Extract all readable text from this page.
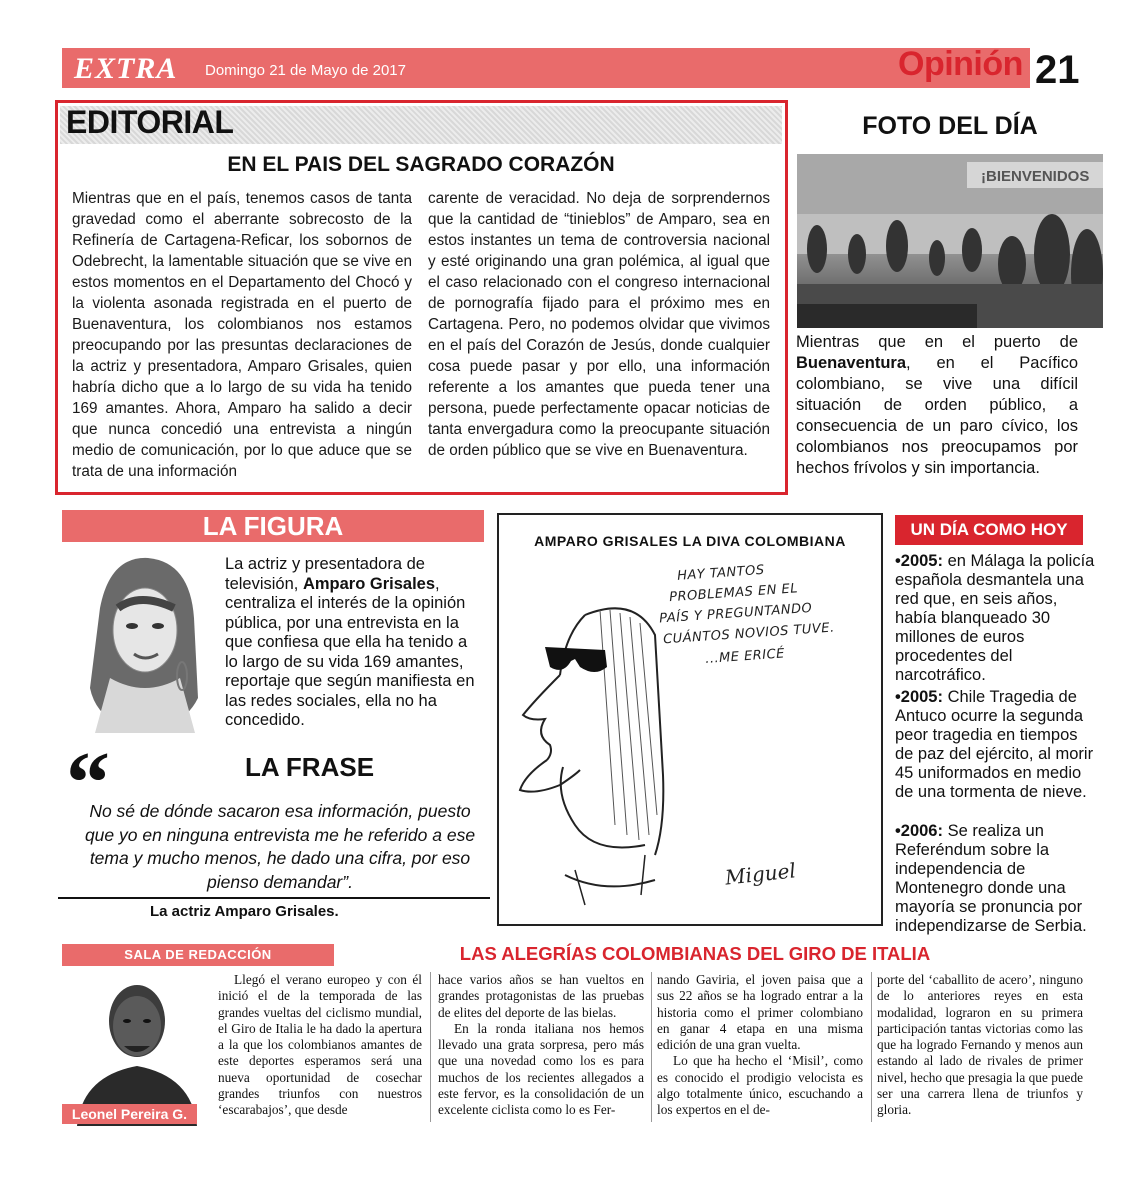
EXTRA Domingo 21 de Mayo de 2017	Opinión 21
EDITORIAL
EN EL PAIS DEL SAGRADO CORAZÓN
Mientras que en el país, tenemos casos de tanta gravedad como el aberrante sobrecosto de la Refinería de Cartagena-Reficar, los sobornos de Odebrecht, la lamentable situación que se vive en estos momentos en el Departamento del Chocó y la violenta asonada registrada en el puerto de Buenaventura, los colombianos nos estamos preocupando por las presuntas declaraciones de la actriz y presentadora, Amparo Grisales, quien habría dicho que a lo largo de su vida ha tenido 169 amantes. Ahora, Amparo ha salido a decir que nunca concedió una entrevista a ningún medio de comunicación, por lo que aduce que se trata de una información
carente de veracidad. No deja de sorprendernos que la cantidad de “tinieblos” de Amparo, sea en estos instantes un tema de controversia nacional y esté originando una gran polémica, al igual que el caso relacionado con el congreso internacional de pornografía fijado para el próximo mes en Cartagena. Pero, no podemos olvidar que vivimos en el país del Corazón de Jesús, donde cualquier cosa puede pasar y por ello, una información referente a los amantes que pueda tener una persona, puede perfectamente opacar noticias de tanta envergadura como la preocupante situación de orden público que se vive en Buenaventura.
FOTO DEL DÍA
¡BIENVENIDOS
Mientras que en el puerto de Buenaventura, en el Pacífico colombiano, se vive una difícil situación de orden público, a consecuencia de un paro cívico, los colombianos nos preocupamos por hechos frívolos y sin importancia.
LA FIGURA
La actriz y presentadora de televisión, Amparo Grisales, centraliza el interés de la opinión pública, por una entrevista en la que confiesa que ella ha tenido a lo largo de su vida 169 amantes, reportaje que según manifiesta en las redes sociales, ella no ha concedido.
“	LA FRASE
No sé de dónde sacaron esa información, puesto que yo en ninguna entrevista me he referido a ese tema y mucho menos, he dado una cifra, por eso pienso demandar”.
La actriz Amparo Grisales.
AMPARO GRISALES LA DIVA COLOMBIANA
HAY TANTOS
PROBLEMAS EN EL
PAÍS Y PREGUNTANDO
CUÁNTOS NOVIOS TUVE.
...ME ERICÉ
Miguel
UN DÍA COMO HOY
•2005: en Málaga la policía española desmantela una red que, en seis años, había blanqueado 30 millones de euros procedentes del narcotráfico.
•2005: Chile Tragedia de Antuco ocurre la segunda peor tragedia en tiempos de paz del ejército, al morir 45 uniformados en medio de una tormenta de nieve.
•2006: Se realiza un Referéndum sobre la independencia de Montenegro donde una mayoría se pronuncia por independizarse de Serbia.
SALA DE REDACCIÓN
Leonel Pereira G.
LAS ALEGRÍAS COLOMBIANAS DEL GIRO DE ITALIA
Llegó el verano europeo y con él inició el de la temporada de las grandes vueltas del ciclismo mundial, el Giro de Italia le ha dado la apertura a la que los colombianos amantes de este deportes esperamos será una nueva oportunidad de cosechar grandes triunfos con nuestros ‘escarabajos’, que desde
hace varios años se han vueltos en grandes protagonistas de las pruebas de elites del deporte de las bielas.
En la ronda italiana nos hemos llevado una grata sorpresa, pero más que una novedad como los es para muchos de los recientes allegados a este fervor, es la consolidación de un excelente ciclista como lo es Fer-
nando Gaviria, el joven paisa que a sus 22 años se ha logrado entrar a la historia como el primer colombiano en ganar 4 etapa en una misma edición de una gran vuelta.
Lo que ha hecho el ‘Misil’, como es conocido el prodigio velocista es algo totalmente único, escuchando a los expertos en el de-
porte del ‘caballito de acero’, ninguno de lo anteriores reyes en esta modalidad, lograron en su primera participación tantas victorias como las que ha logrado Fernando y menos aun estando al lado de rivales de primer nivel, hecho que presagia la que puede ser una carrera llena de triunfos y gloria.
